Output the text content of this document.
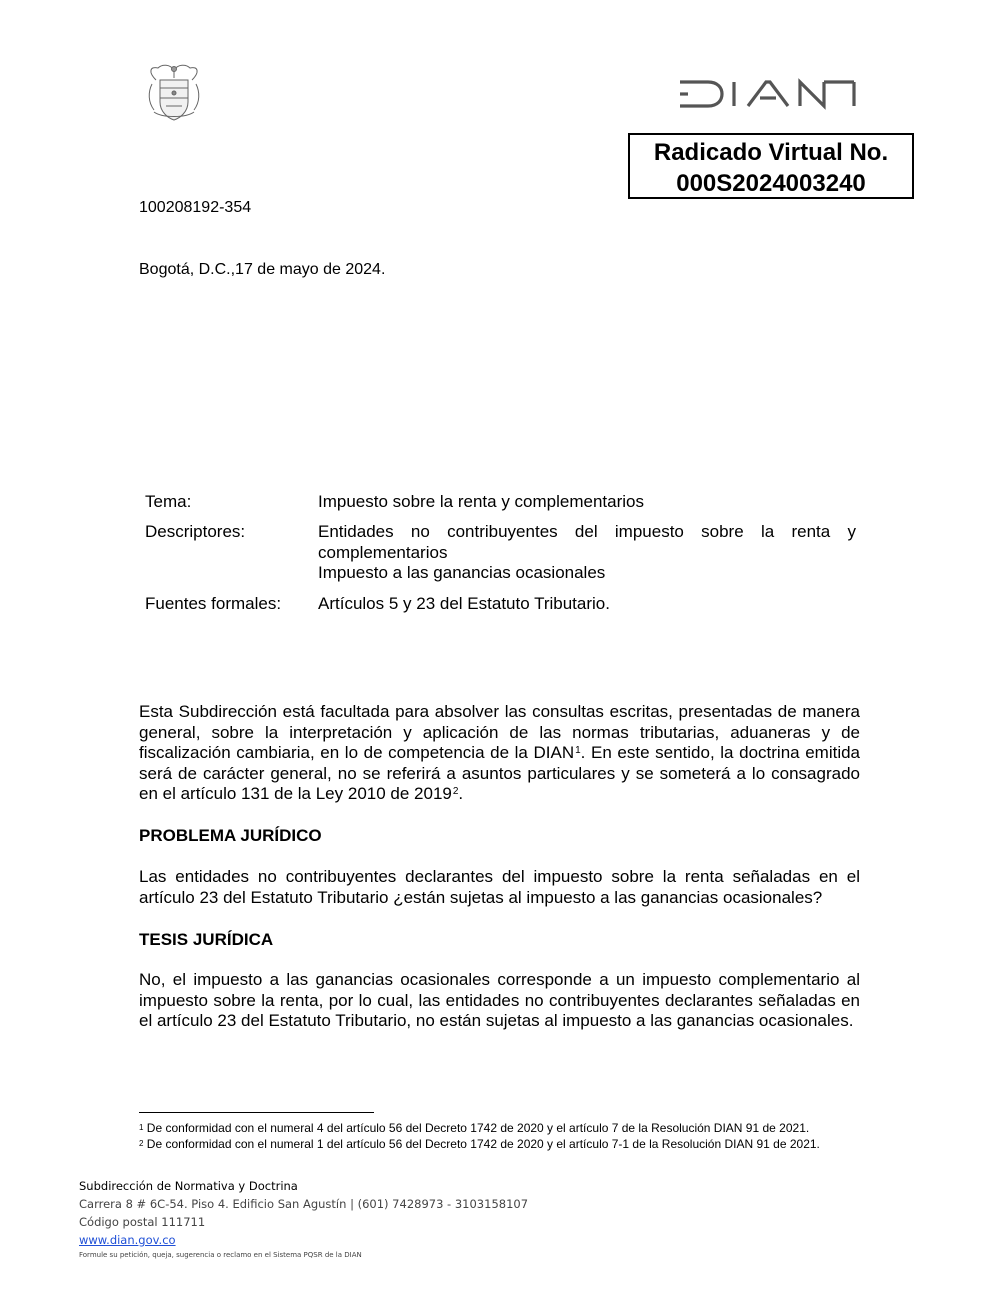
Radicado Virtual No.
000S2024003240
100208192-354
Bogotá, D.C.,17 de mayo de 2024.
Tema:	Impuesto sobre la renta y complementarios
Descriptores:	Entidades no contribuyentes del impuesto sobre la renta y complementarios
Impuesto a las ganancias ocasionales
Fuentes formales: Artículos 5 y 23 del Estatuto Tributario.
Esta Subdirección está facultada para absolver las consultas escritas, presentadas de manera general, sobre la interpretación y aplicación de las normas tributarias, aduaneras y de fiscalización cambiaria, en lo de competencia de la DIAN$^1$. En este sentido, la doctrina emitida será de carácter general, no se referirá a asuntos particulares y se someterá a lo consagrado en el artículo 131 de la Ley 2010 de 2019$^2$.
PROBLEMA JURÍDICO
Las entidades no contribuyentes declarantes del impuesto sobre la renta señaladas en el artículo 23 del Estatuto Tributario ¿están sujetas al impuesto a las ganancias ocasionales?
TESIS JURÍDICA
No, el impuesto a las ganancias ocasionales corresponde a un impuesto complementario al impuesto sobre la renta, por lo cual, las entidades no contribuyentes declarantes señaladas en el artículo 23 del Estatuto Tributario, no están sujetas al impuesto a las ganancias ocasionales.
$^1$ De conformidad con el numeral 4 del artículo 56 del Decreto 1742 de 2020 y el artículo 7 de la Resolución DIAN 91 de 2021.
$^2$ De conformidad con el numeral 1 del artículo 56 del Decreto 1742 de 2020 y el artículo 7-1 de la Resolución DIAN 91 de 2021.
Subdirección de Normativa y Doctrina
Carrera 8 # 6C-54. Piso 4. Edificio San Agustín | (601) 7428973 - 3103158107
Código postal 111711
www.dian.gov.co
Formule su petición, queja, sugerencia o reclamo en el Sistema PQSR de la DIAN
